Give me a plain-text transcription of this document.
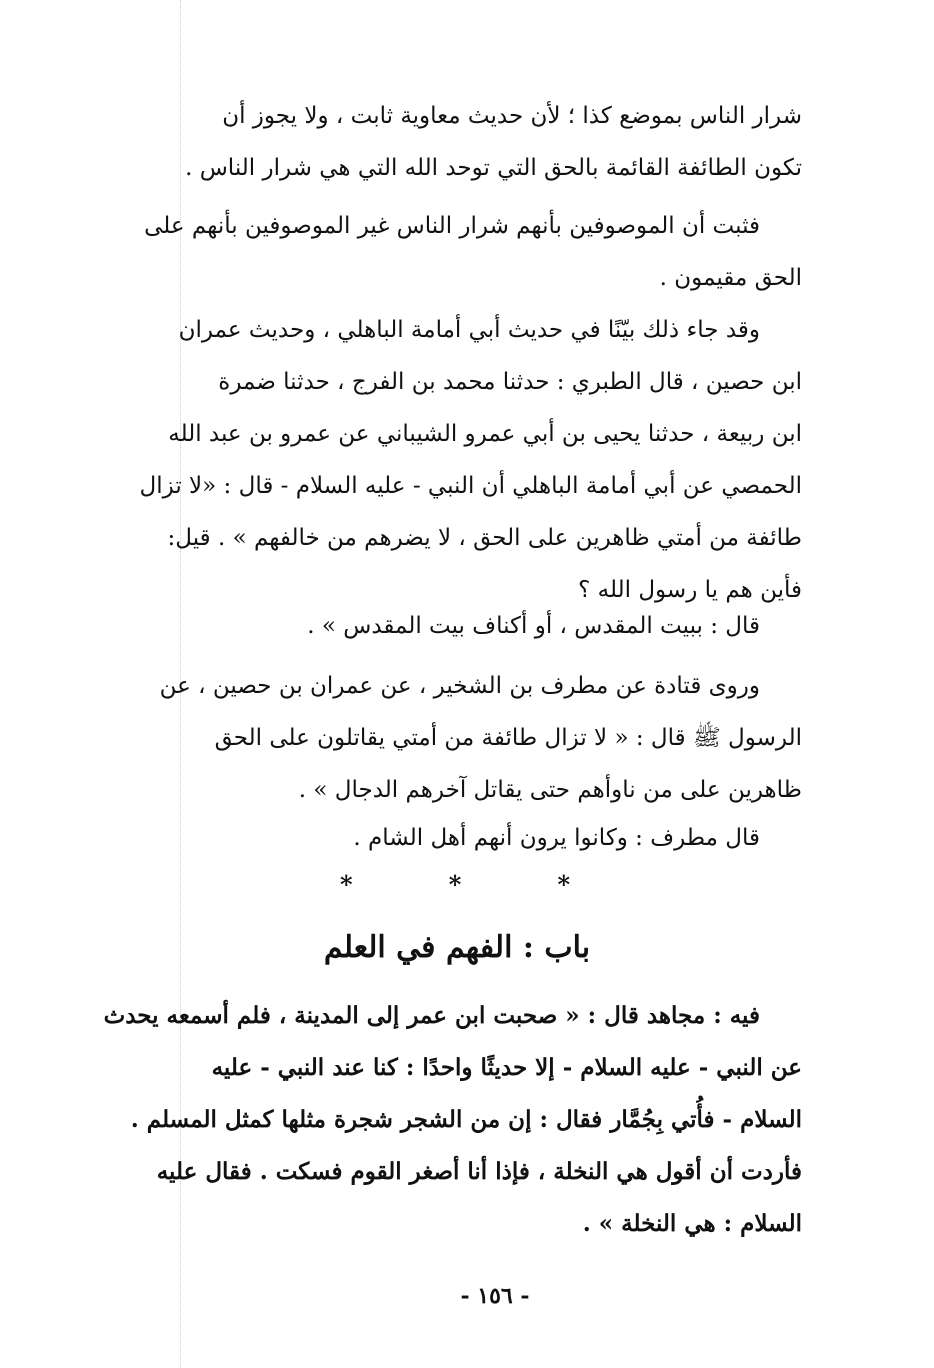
شرار الناس بموضع كذا ؛ لأن حديث معاوية ثابت ، ولا يجوز أن
تكون الطائفة القائمة بالحق التي توحد الله التي هي شرار الناس .
فثبت أن الموصوفين بأنهم شرار الناس غير الموصوفين بأنهم على
الحق مقيمون .
وقد جاء ذلك بيّنًا في حديث أبي أمامة الباهلي ، وحديث عمران
ابن حصين ، قال الطبري : حدثنا محمد بن الفرج ، حدثنا ضمرة
ابن ربيعة ، حدثنا يحيى بن أبي عمرو الشيباني عن عمرو بن عبد الله
الحمصي عن أبي أمامة الباهلي أن النبي - عليه السلام - قال : «لا تزال
طائفة من أمتي ظاهرين على الحق ، لا يضرهم من خالفهم » . قيل:
فأين هم يا رسول الله ؟
قال : ببيت المقدس ، أو أكناف بيت المقدس » .
وروى قتادة عن مطرف بن الشخير ، عن عمران بن حصين ، عن
الرسول ﷺ قال : « لا تزال طائفة من أمتي يقاتلون على الحق
ظاهرين على من ناوأهم حتى يقاتل آخرهم الدجال » .
قال مطرف : وكانوا يرون أنهم أهل الشام .
*	*	*
باب : الفهم في العلم
فيه : مجاهد قال : « صحبت ابن عمر إلى المدينة ، فلم أسمعه يحدث
عن النبي - عليه السلام - إلا حديثًا واحدًا : كنا عند النبي - عليه
السلام - فأُتي بِجُمَّار فقال : إن من الشجر شجرة مثلها كمثل المسلم .
فأردت أن أقول هي النخلة ، فإذا أنا أصغر القوم فسكت . فقال عليه
السلام : هي النخلة » .
- ١٥٦ -
